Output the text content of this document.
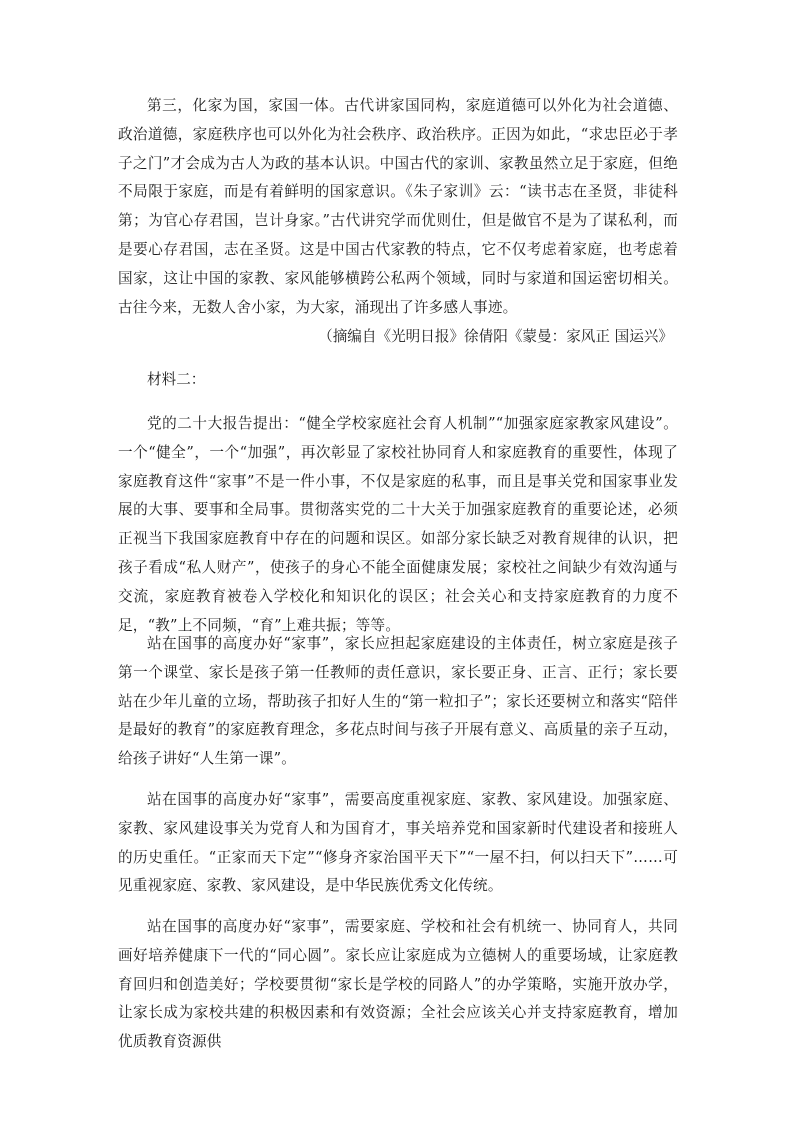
第三，化家为国，家国一体。古代讲家国同构，家庭道德可以外化为社会道德、政治道德，家庭秩序也可以外化为社会秩序、政治秩序。正因为如此，“求忠臣必于孝子之门”才会成为古人为政的基本认识。中国古代的家训、家教虽然立足于家庭，但绝不局限于家庭，而是有着鲜明的国家意识。《朱子家训》云：“读书志在圣贤，非徒科第；为官心存君国，岂计身家。”古代讲究学而优则仕，但是做官不是为了谋私利，而是要心存君国，志在圣贤。这是中国古代家教的特点，它不仅考虑着家庭，也考虑着国家，这让中国的家教、家风能够横跨公私两个领域，同时与家道和国运密切相关。古往今来，无数人舍小家，为大家，涌现出了许多感人事迹。

（摘编自《光明日报》徐倩阳《蒙曼：家风正 国运兴》

材料二：

党的二十大报告提出：“健全学校家庭社会育人机制”“加强家庭家教家风建设”。一个“健全”，一个“加强”，再次彰显了家校社协同育人和家庭教育的重要性，体现了家庭教育这件“家事”不是一件小事，不仅是家庭的私事，而且是事关党和国家事业发展的大事、要事和全局事。贯彻落实党的二十大关于加强家庭教育的重要论述，必须正视当下我国家庭教育中存在的问题和误区。如部分家长缺乏对教育规律的认识，把孩子看成“私人财产”，使孩子的身心不能全面健康发展；家校社之间缺少有效沟通与交流，家庭教育被卷入学校化和知识化的误区；社会关心和支持家庭教育的力度不足，“教”上不同频，“育”上难共振；等等。

站在国事的高度办好“家事”，家长应担起家庭建设的主体责任，树立家庭是孩子第一个课堂、家长是孩子第一任教师的责任意识，家长要正身、正言、正行；家长要站在少年儿童的立场，帮助孩子扣好人生的“第一粒扣子”；家长还要树立和落实“陪伴是最好的教育”的家庭教育理念，多花点时间与孩子开展有意义、高质量的亲子互动，给孩子讲好“人生第一课”。

站在国事的高度办好“家事”，需要高度重视家庭、家教、家风建设。加强家庭、家教、家风建设事关为党育人和为国育才，事关培养党和国家新时代建设者和接班人的历史重任。“正家而天下定”“修身齐家治国平天下”“一屋不扫，何以扫天下”……可见重视家庭、家教、家风建设，是中华民族优秀文化传统。

站在国事的高度办好“家事”，需要家庭、学校和社会有机统一、协同育人，共同画好培养健康下一代的“同心圆”。家长应让家庭成为立德树人的重要场域，让家庭教育回归和创造美好；学校要贯彻“家长是学校的同路人”的办学策略，实施开放办学，让家长成为家校共建的积极因素和有效资源；全社会应该关心并支持家庭教育，增加优质教育资源供
